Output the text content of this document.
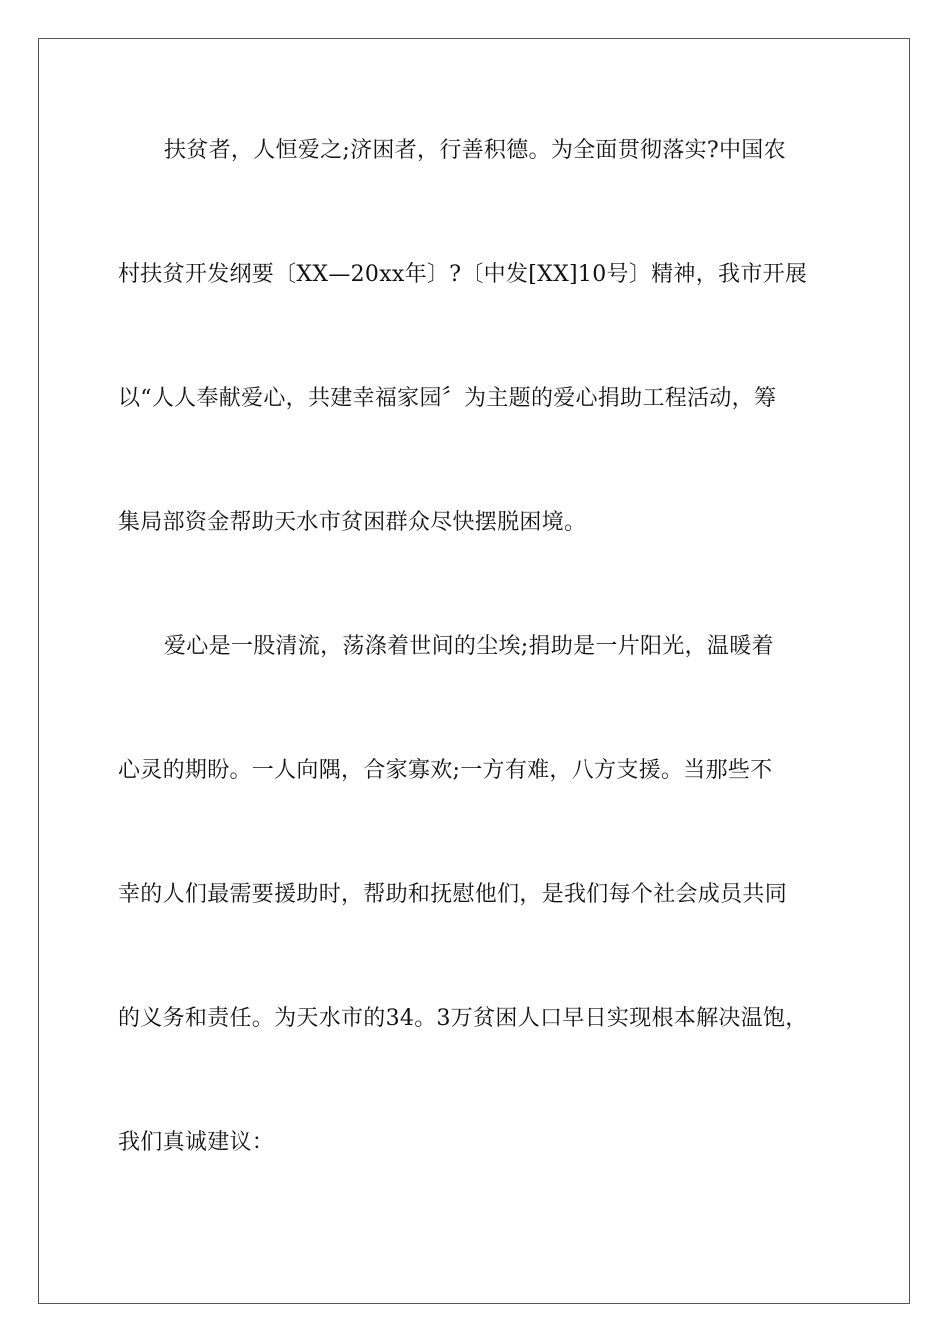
扶贫者，人恒爱之;济困者，行善积德。为全面贯彻落实?中国农
村扶贫开发纲要〔XX—20xx年〕?〔中发[XX]10号〕精神，我市开展
以“人人奉献爱心，共建幸福家园〞为主题的爱心捐助工程活动，筹
集局部资金帮助天水市贫困群众尽快摆脱困境。
爱心是一股清流，荡涤着世间的尘埃;捐助是一片阳光，温暖着
心灵的期盼。一人向隅，合家寡欢;一方有难，八方支援。当那些不
幸的人们最需要援助时，帮助和抚慰他们，是我们每个社会成员共同
的义务和责任。为天水市的34。3万贫困人口早日实现根本解决温饱，
我们真诚建议：
